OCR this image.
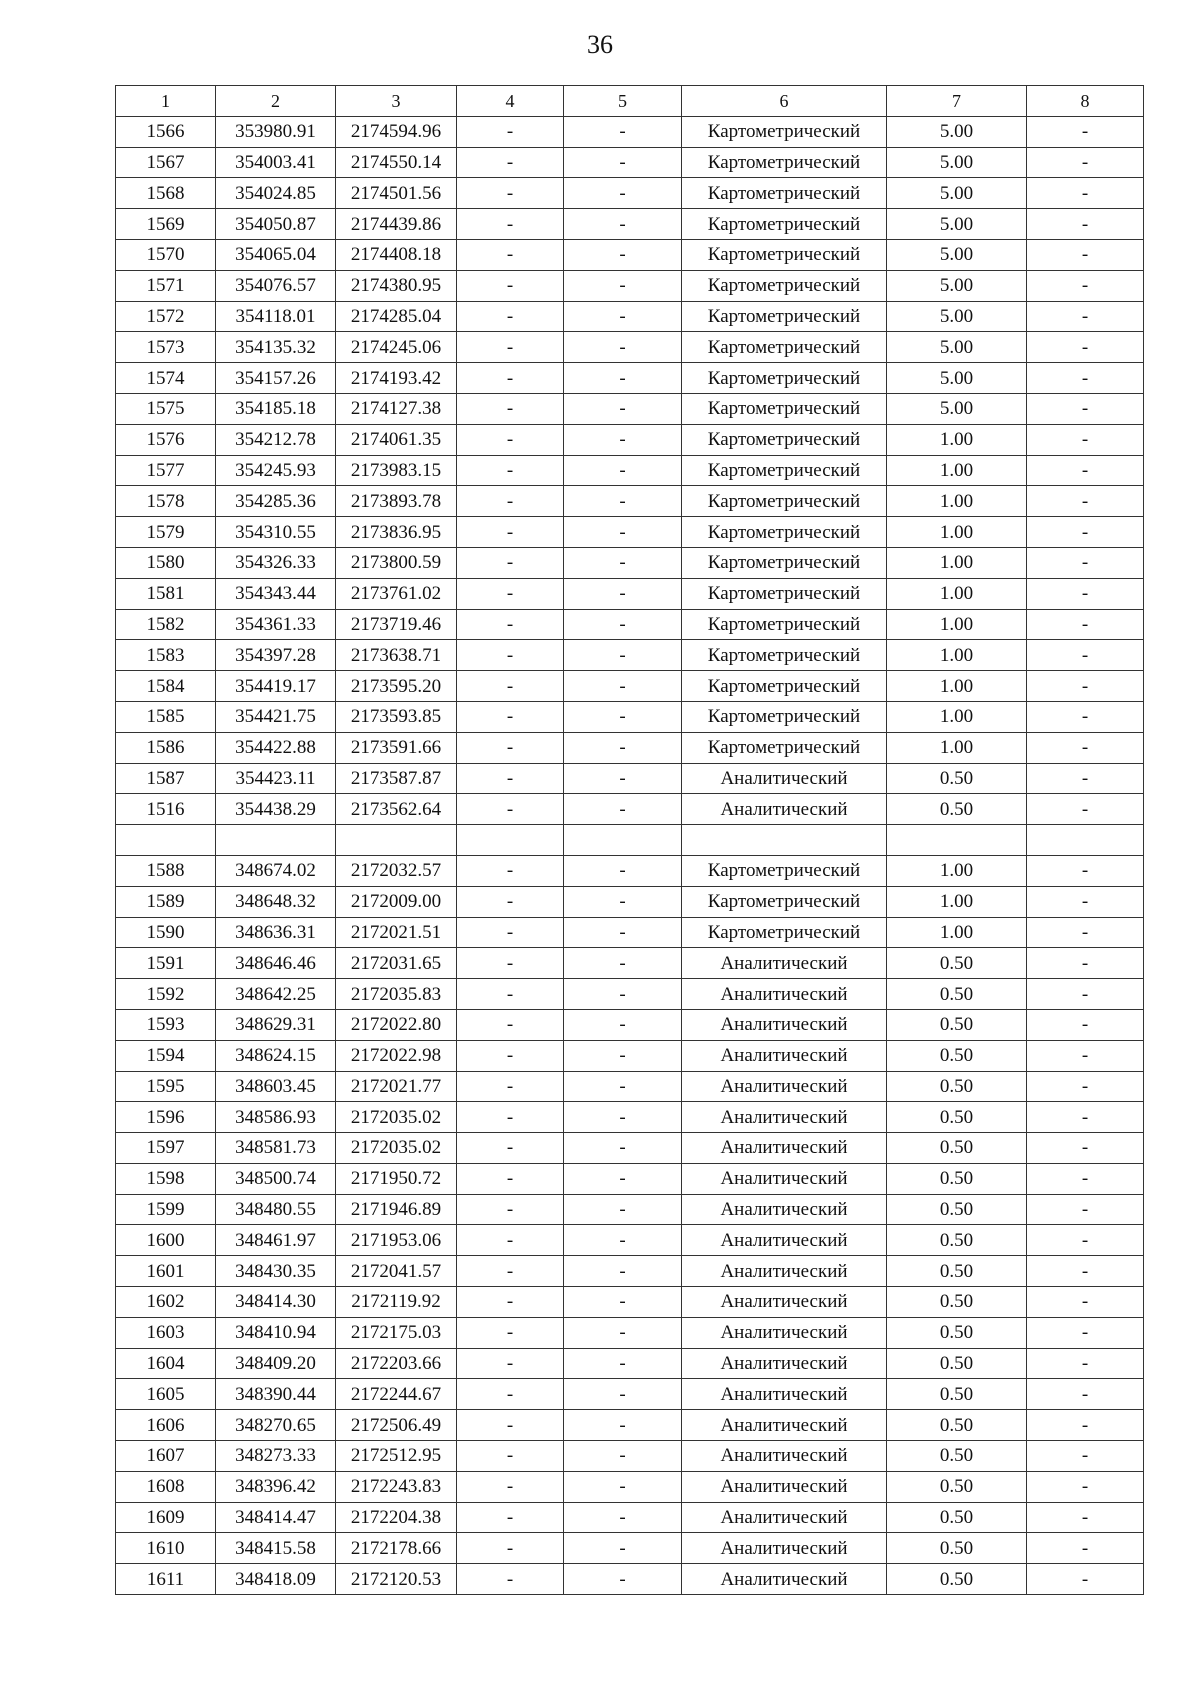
36
1	2	3	4	5	6	7	8
1566	353980.91	2174594.96	-	-	Картометрический	5.00	-
1567	354003.41	2174550.14	-	-	Картометрический	5.00	-
1568	354024.85	2174501.56	-	-	Картометрический	5.00	-
1569	354050.87	2174439.86	-	-	Картометрический	5.00	-
1570	354065.04	2174408.18	-	-	Картометрический	5.00	-
1571	354076.57	2174380.95	-	-	Картометрический	5.00	-
1572	354118.01	2174285.04	-	-	Картометрический	5.00	-
1573	354135.32	2174245.06	-	-	Картометрический	5.00	-
1574	354157.26	2174193.42	-	-	Картометрический	5.00	-
1575	354185.18	2174127.38	-	-	Картометрический	5.00	-
1576	354212.78	2174061.35	-	-	Картометрический	1.00	-
1577	354245.93	2173983.15	-	-	Картометрический	1.00	-
1578	354285.36	2173893.78	-	-	Картометрический	1.00	-
1579	354310.55	2173836.95	-	-	Картометрический	1.00	-
1580	354326.33	2173800.59	-	-	Картометрический	1.00	-
1581	354343.44	2173761.02	-	-	Картометрический	1.00	-
1582	354361.33	2173719.46	-	-	Картометрический	1.00	-
1583	354397.28	2173638.71	-	-	Картометрический	1.00	-
1584	354419.17	2173595.20	-	-	Картометрический	1.00	-
1585	354421.75	2173593.85	-	-	Картометрический	1.00	-
1586	354422.88	2173591.66	-	-	Картометрический	1.00	-
1587	354423.11	2173587.87	-	-	Аналитический	0.50	-
1516	354438.29	2173562.64	-	-	Аналитический	0.50	-

1588	348674.02	2172032.57	-	-	Картометрический	1.00	-
1589	348648.32	2172009.00	-	-	Картометрический	1.00	-
1590	348636.31	2172021.51	-	-	Картометрический	1.00	-
1591	348646.46	2172031.65	-	-	Аналитический	0.50	-
1592	348642.25	2172035.83	-	-	Аналитический	0.50	-
1593	348629.31	2172022.80	-	-	Аналитический	0.50	-
1594	348624.15	2172022.98	-	-	Аналитический	0.50	-
1595	348603.45	2172021.77	-	-	Аналитический	0.50	-
1596	348586.93	2172035.02	-	-	Аналитический	0.50	-
1597	348581.73	2172035.02	-	-	Аналитический	0.50	-
1598	348500.74	2171950.72	-	-	Аналитический	0.50	-
1599	348480.55	2171946.89	-	-	Аналитический	0.50	-
1600	348461.97	2171953.06	-	-	Аналитический	0.50	-
1601	348430.35	2172041.57	-	-	Аналитический	0.50	-
1602	348414.30	2172119.92	-	-	Аналитический	0.50	-
1603	348410.94	2172175.03	-	-	Аналитический	0.50	-
1604	348409.20	2172203.66	-	-	Аналитический	0.50	-
1605	348390.44	2172244.67	-	-	Аналитический	0.50	-
1606	348270.65	2172506.49	-	-	Аналитический	0.50	-
1607	348273.33	2172512.95	-	-	Аналитический	0.50	-
1608	348396.42	2172243.83	-	-	Аналитический	0.50	-
1609	348414.47	2172204.38	-	-	Аналитический	0.50	-
1610	348415.58	2172178.66	-	-	Аналитический	0.50	-
1611	348418.09	2172120.53	-	-	Аналитический	0.50	-
